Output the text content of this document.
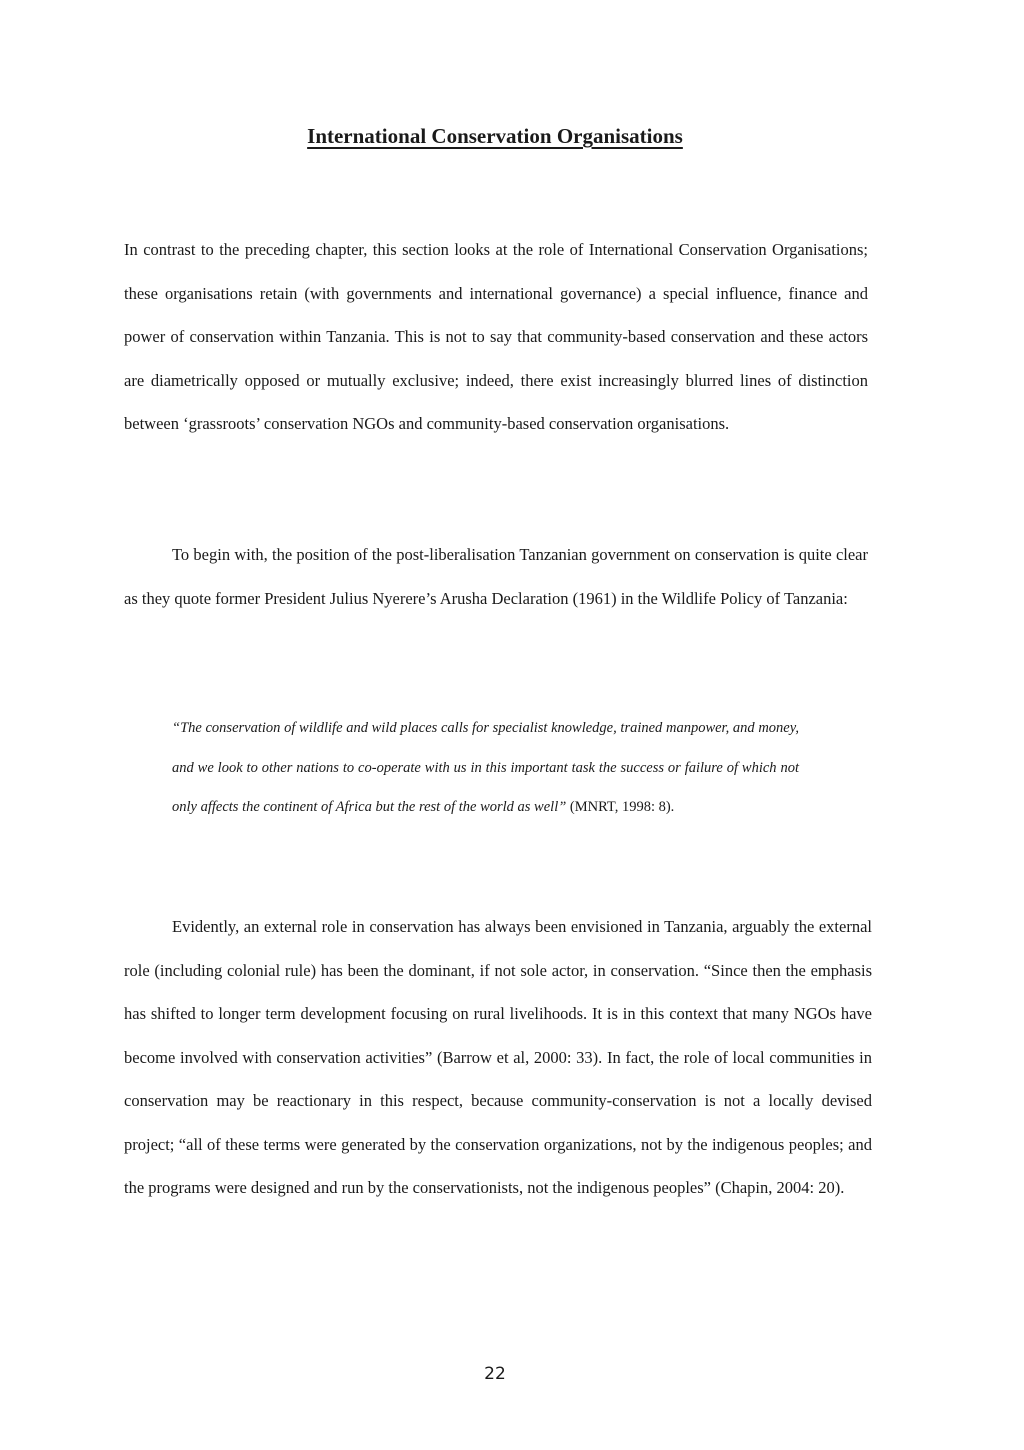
International Conservation Organisations

In contrast to the preceding chapter, this section looks at the role of International Conservation Organisations; these organisations retain (with governments and international governance) a special influence, finance and power of conservation within Tanzania. This is not to say that community-based conservation and these actors are diametrically opposed or mutually exclusive; indeed, there exist increasingly blurred lines of distinction between ‘grassroots’ conservation NGOs and community-based conservation organisations.

To begin with, the position of the post-liberalisation Tanzanian government on conservation is quite clear as they quote former President Julius Nyerere’s Arusha Declaration (1961) in the Wildlife Policy of Tanzania:

“The conservation of wildlife and wild places calls for specialist knowledge, trained manpower, and money, and we look to other nations to co-operate with us in this important task the success or failure of which not only affects the continent of Africa but the rest of the world as well” (MNRT, 1998: 8).

Evidently, an external role in conservation has always been envisioned in Tanzania, arguably the external role (including colonial rule) has been the dominant, if not sole actor, in conservation. “Since then the emphasis has shifted to longer term development focusing on rural livelihoods. It is in this context that many NGOs have become involved with conservation activities” (Barrow et al, 2000: 33). In fact, the role of local communities in conservation may be reactionary in this respect, because community-conservation is not a locally devised project; “all of these terms were generated by the conservation organizations, not by the indigenous peoples; and the programs were designed and run by the conservationists, not the indigenous peoples” (Chapin, 2004: 20).

22
